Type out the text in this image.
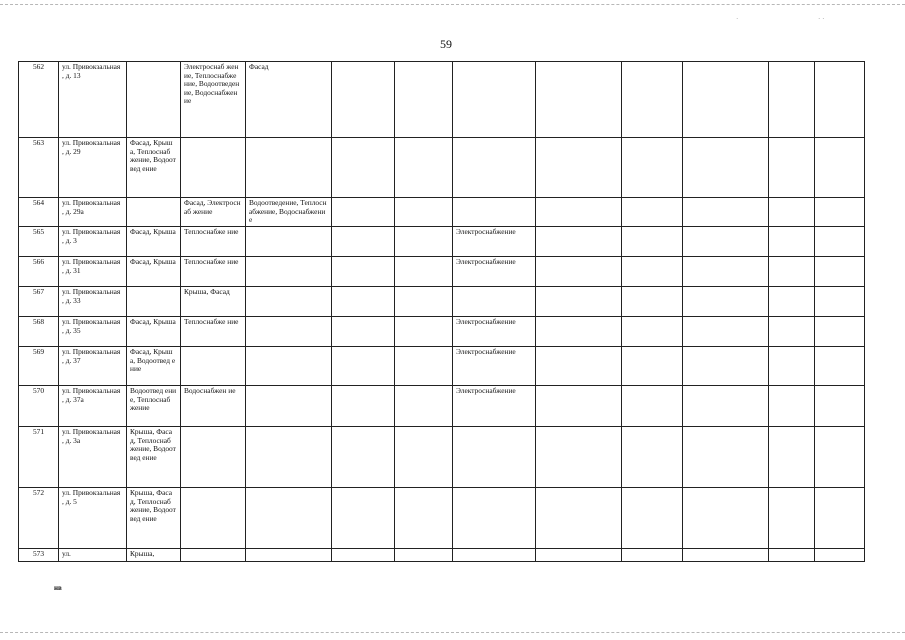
·	· ·
59
562	ул. Привокзальная , д. 13		Электроснаб жение, Теплоснабже ние, Водоотведен ие, Водоснабжен ие	Фасад								
563	ул. Привокзальная , д. 29	Фасад, Крыша, Теплоснаб жение, Водоотвед ение										
564	ул. Привокзальная , д. 29а		Фасад, Электроснаб жение	Водоотведение, Теплоснабжение, Водоснабжение								
565	ул. Привокзальная , д. 3	Фасад, Крыша	Теплоснабже ние				Электроснабжение					
566	ул. Привокзальная , д. 31	Фасад, Крыша	Теплоснабже ние				Электроснабжение					
567	ул. Привокзальная , д. 33		Крыша, Фасад									
568	ул. Привокзальная , д. 35	Фасад, Крыша	Теплоснабже ние				Электроснабжение					
569	ул. Привокзальная , д. 37	Фасад, Крыша, Водоотвед ение					Электроснабжение					
570	ул. Привокзальная , д. 37а	Водоотвед ение, Теплоснаб жение	Водоснабжен ие				Электроснабжение					
571	ул. Привокзальная , д. 3а	Крыша, Фасад, Теплоснаб жение, Водоотвед ение										
572	ул. Привокзальная , д. 5	Крыша, Фасад, Теплоснаб жение, Водоотвед ение										
573	ул.	Крыша,										
нв
